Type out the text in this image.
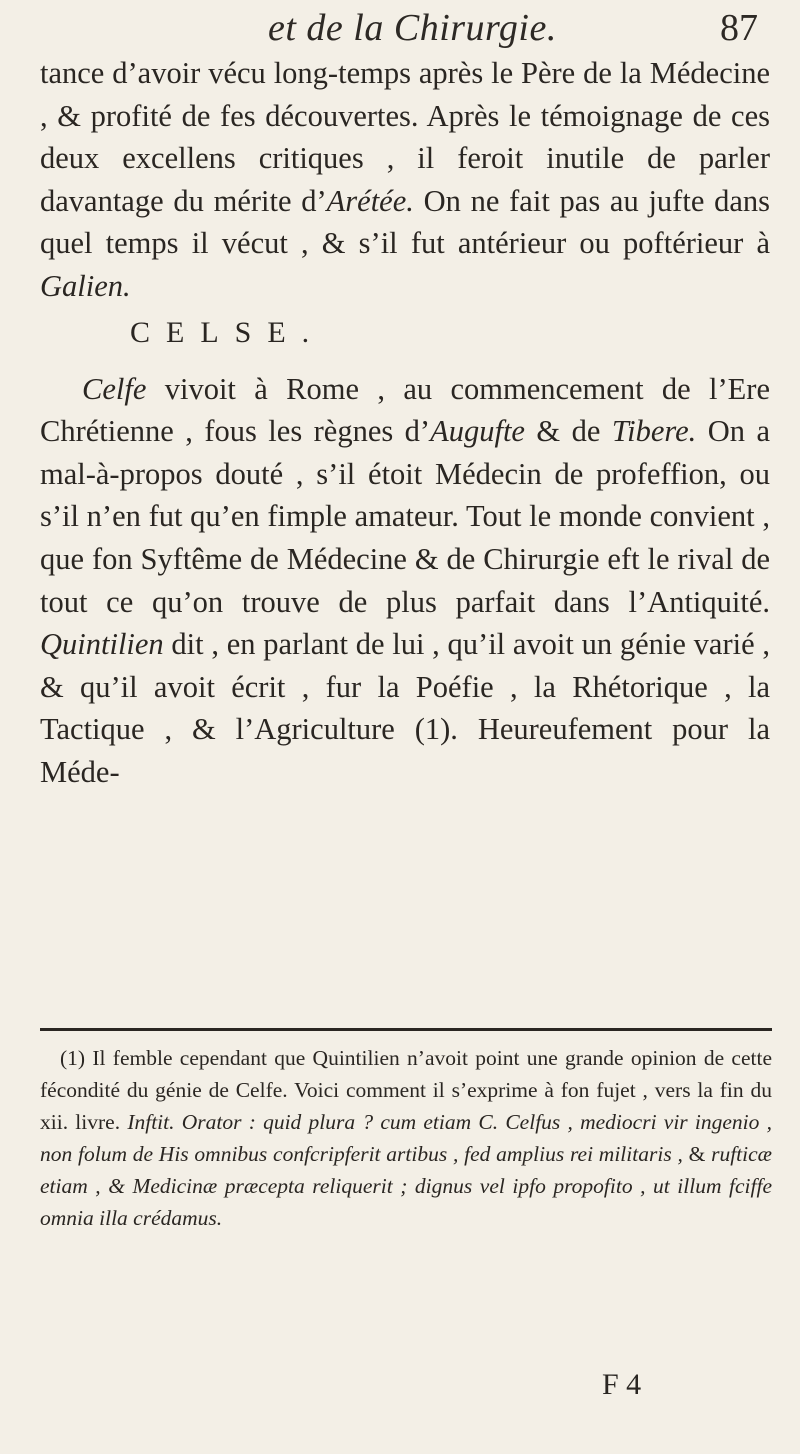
et de la Chirurgie.	87

tance d’avoir vécu long-temps après le Père de la Médecine , & profité de fes découvertes. Après le témoignage de ces deux excellens critiques , il feroit inutile de parler davantage du mérite d’Arétée. On ne fait pas au jufte dans quel temps il vécut , & s’il fut antérieur ou poftérieur à Galien.

CELSE.

Celfe vivoit à Rome , au commencement de l’Ere Chrétienne , fous les règnes d’Augufte & de Tibere. On a mal-à-propos douté , s’il étoit Médecin de profeffion, ou s’il n’en fut qu’en fimple amateur. Tout le monde convient , que fon Syftême de Médecine & de Chirurgie eft le rival de tout ce qu’on trouve de plus parfait dans l’Antiquité. Quintilien dit , en parlant de lui , qu’il avoit un génie varié , & qu’il avoit écrit , fur la Poéfie , la Rhétorique , la Tactique , & l’Agriculture (1). Heureufement pour la Méde-

(1) Il femble cependant que Quintilien n’avoit point une grande opinion de cette fécondité du génie de Celfe. Voici comment il s’exprime à fon fujet , vers la fin du xii. livre. Inftit. Orator : quid plura ? cum etiam C. Celfus , mediocri vir ingenio , non folum de His omnibus confcripferit artibus , fed amplius rei militaris , & rufticæ etiam , & Medicinæ præcepta reliquerit ; dignus vel ipfo propofito , ut illum fciffe omnia illa crédamus.

F 4
